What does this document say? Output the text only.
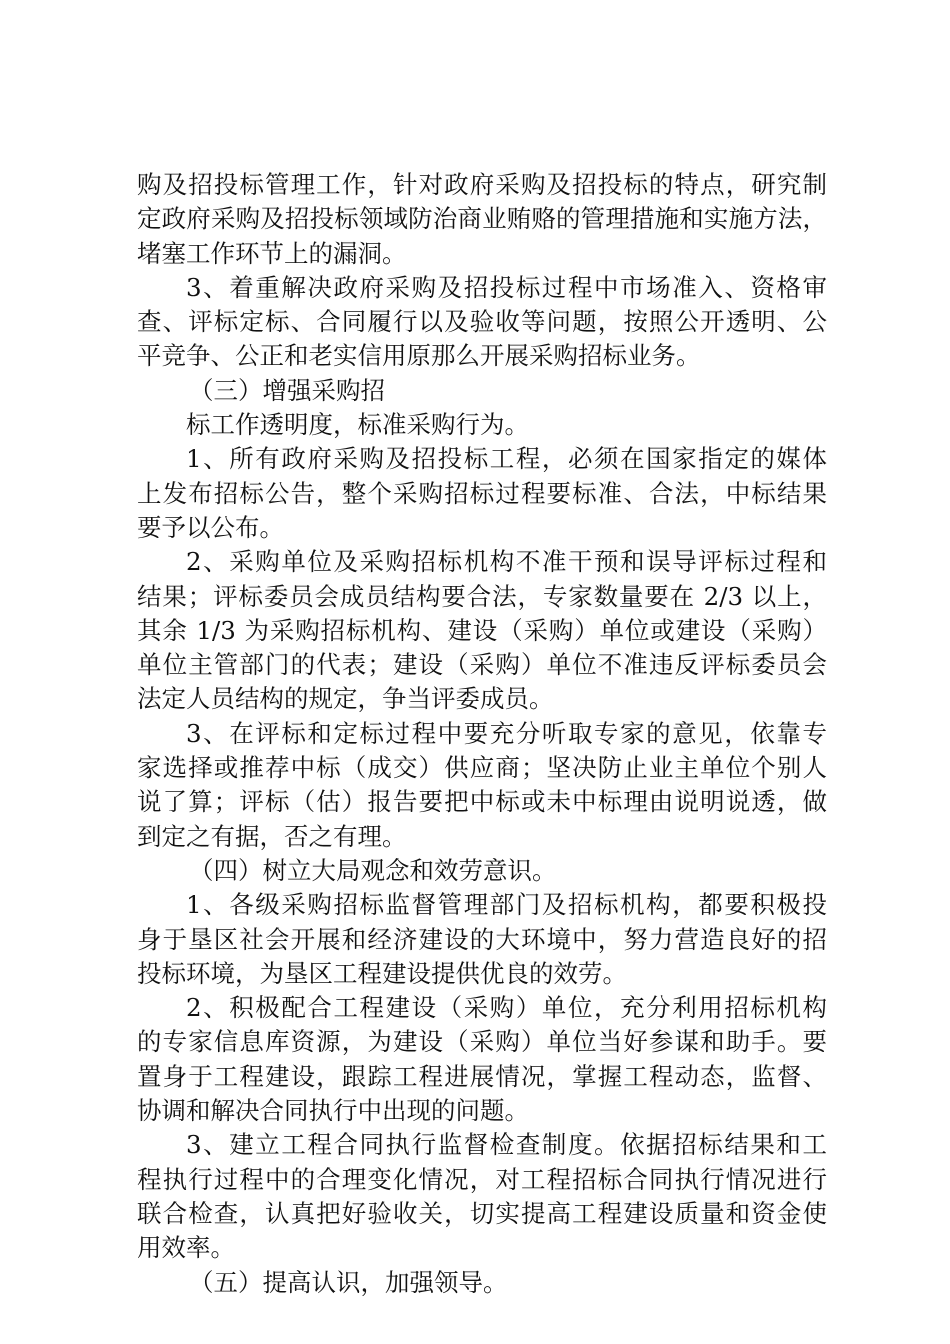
购及招投标管理工作，针对政府采购及招投标的特点，研究制
定政府采购及招投标领域防治商业贿赂的管理措施和实施方法，
堵塞工作环节上的漏洞。
3、着重解决政府采购及招投标过程中市场准入、资格审
查、评标定标、合同履行以及验收等问题，按照公开透明、公
平竞争、公正和老实信用原那么开展采购招标业务。
（三）增强采购招
标工作透明度，标准采购行为。
1、所有政府采购及招投标工程，必须在国家指定的媒体
上发布招标公告，整个采购招标过程要标准、合法，中标结果
要予以公布。
2、采购单位及采购招标机构不准干预和误导评标过程和
结果；评标委员会成员结构要合法，专家数量要在 2/3 以上，
其余 1/3 为采购招标机构、建设（采购）单位或建设（采购）
单位主管部门的代表；建设（采购）单位不准违反评标委员会
法定人员结构的规定，争当评委成员。
3、在评标和定标过程中要充分听取专家的意见，依靠专
家选择或推荐中标（成交）供应商；坚决防止业主单位个别人
说了算；评标（估）报告要把中标或未中标理由说明说透，做
到定之有据，否之有理。
（四）树立大局观念和效劳意识。
1、各级采购招标监督管理部门及招标机构，都要积极投
身于垦区社会开展和经济建设的大环境中，努力营造良好的招
投标环境，为垦区工程建设提供优良的效劳。
2、积极配合工程建设（采购）单位，充分利用招标机构
的专家信息库资源，为建设（采购）单位当好参谋和助手。要
置身于工程建设，跟踪工程进展情况，掌握工程动态，监督、
协调和解决合同执行中出现的问题。
3、建立工程合同执行监督检查制度。依据招标结果和工
程执行过程中的合理变化情况，对工程招标合同执行情况进行
联合检查，认真把好验收关，切实提高工程建设质量和资金使
用效率。
（五）提高认识，加强领导。
